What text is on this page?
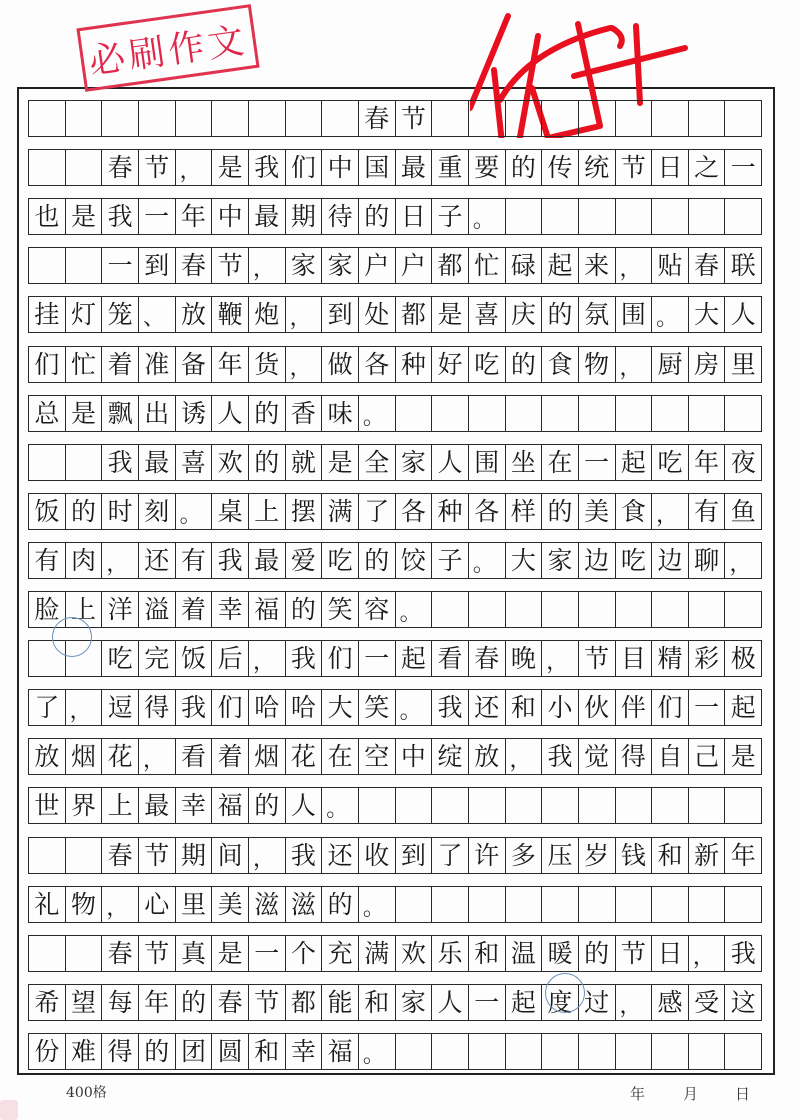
必刷作文
春 节
春 节 ， 是 我 们 中 国 最 重 要 的 传 统 节 日 之 一
也 是 我 一 年 中 最 期 待 的 日 子 。
一 到 春 节 ， 家 家 户 户 都 忙 碌 起 来 ， 贴 春 联
挂 灯 笼 、 放 鞭 炮 ， 到 处 都 是 喜 庆 的 氛 围 。 大 人
们 忙 着 准 备 年 货 ， 做 各 种 好 吃 的 食 物 ， 厨 房 里
总 是 飘 出 诱 人 的 香 味 。
我 最 喜 欢 的 就 是 全 家 人 围 坐 在 一 起 吃 年 夜
饭 的 时 刻 。 桌 上 摆 满 了 各 种 各 样 的 美 食 ， 有 鱼
有 肉 ， 还 有 我 最 爱 吃 的 饺 子 。 大 家 边 吃 边 聊 ，
脸 上 洋 溢 着 幸 福 的 笑 容 。
吃 完 饭 后 ， 我 们 一 起 看 春 晚 ， 节 目 精 彩 极
了 ， 逗 得 我 们 哈 哈 大 笑 。 我 还 和 小 伙 伴 们 一 起
放 烟 花 ， 看 着 烟 花 在 空 中 绽 放 ， 我 觉 得 自 己 是
世 界 上 最 幸 福 的 人 。
春 节 期 间 ， 我 还 收 到 了 许 多 压 岁 钱 和 新 年
礼 物 ， 心 里 美 滋 滋 的 。
春 节 真 是 一 个 充 满 欢 乐 和 温 暖 的 节 日 ， 我
希 望 每 年 的 春 节 都 能 和 家 人 一 起 度 过 ， 感 受 这
份 难 得 的 团 圆 和 幸 福 。
400格	年	月 日
